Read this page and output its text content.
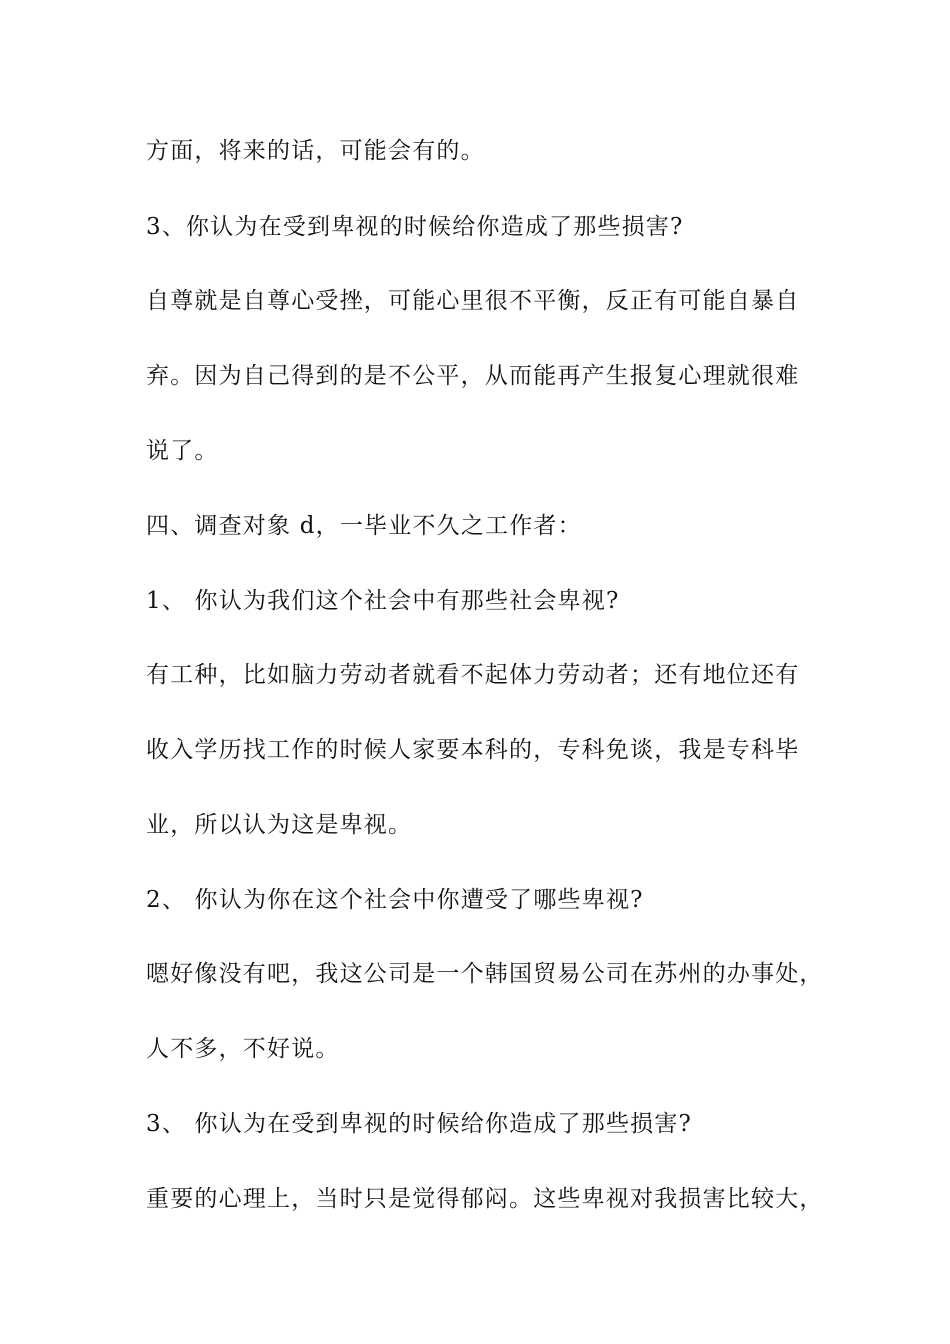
方面，将来的话，可能会有的。
3、你认为在受到卑视的时候给你造成了那些损害?
自尊就是自尊心受挫，可能心里很不平衡，反正有可能自暴自
弃。因为自己得到的是不公平，从而能再产生报复心理就很难
说了。
四、调查对象 d，一毕业不久之工作者：
1、 你认为我们这个社会中有那些社会卑视?
有工种，比如脑力劳动者就看不起体力劳动者；还有地位还有
收入学历找工作的时候人家要本科的，专科免谈，我是专科毕
业，所以认为这是卑视。
2、 你认为你在这个社会中你遭受了哪些卑视?
嗯好像没有吧，我这公司是一个韩国贸易公司在苏州的办事处，
人不多，不好说。
3、 你认为在受到卑视的时候给你造成了那些损害?
重要的心理上，当时只是觉得郁闷。这些卑视对我损害比较大，
